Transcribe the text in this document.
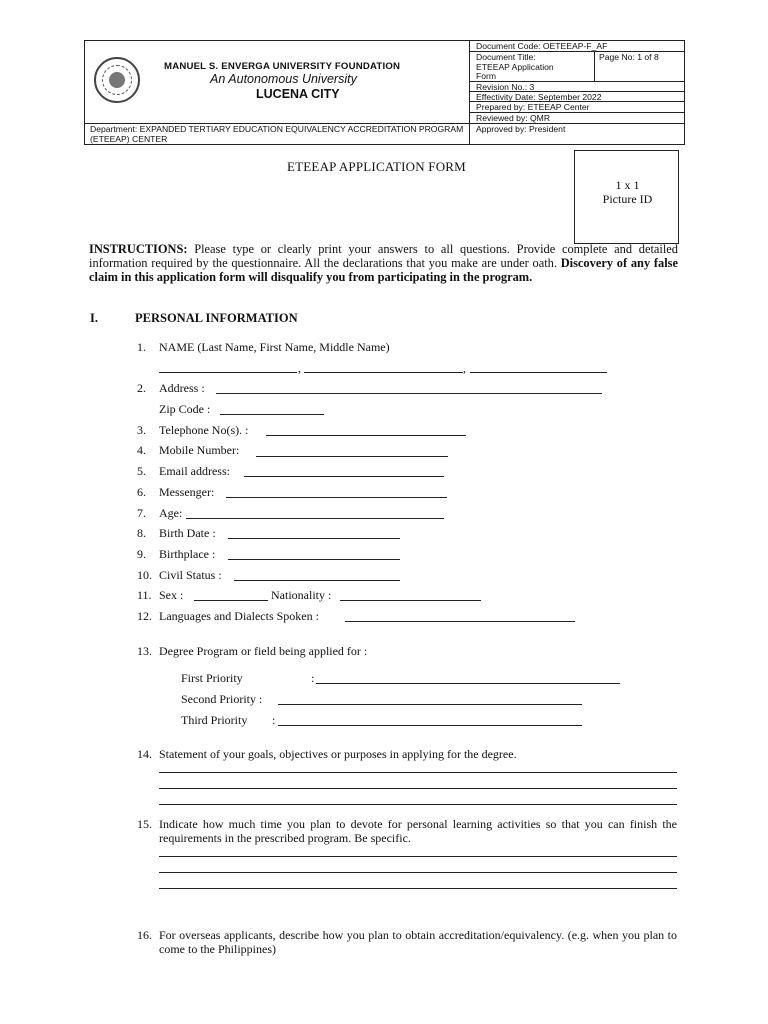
MANUEL S. ENVERGA UNIVERSITY FOUNDATION
An Autonomous University
LUCENA CITY
Department: EXPANDED TERTIARY EDUCATION EQUIVALENCY ACCREDITATION PROGRAM (ETEEAP) CENTER
Document Code: OETEEAP-F_AF
Document Title:
ETEEAP Application
Form
Page No: 1 of 8
Revision No.: 3
Effectivity Date: September 2022
Prepared by: ETEEAP Center
Reviewed by: QMR
Approved by: President
ETEEAP APPLICATION FORM
1 x 1
Picture ID
INSTRUCTIONS: Please type or clearly print your answers to all questions. Provide complete and detailed information required by the questionnaire. All the declarations that you make are under oath. Discovery of any false claim in this application form will disqualify you from participating in the program.
I.	PERSONAL INFORMATION
1. NAME (Last Name, First Name, Middle Name)
,	,
2. Address :
Zip Code :
3. Telephone No(s). :
4. Mobile Number:
5. Email address:
6. Messenger:
7. Age:
8. Birth Date :
9. Birthplace :
10. Civil Status :
11. Sex :	Nationality :
12. Languages and Dialects Spoken :
13. Degree Program or field being applied for :
First Priority	:
Second Priority :
Third Priority :
14. Statement of your goals, objectives or purposes in applying for the degree.
15. Indicate how much time you plan to devote for personal learning activities so that you can finish the requirements in the prescribed program. Be specific.
16. For overseas applicants, describe how you plan to obtain accreditation/equivalency. (e.g. when you plan to come to the Philippines)
